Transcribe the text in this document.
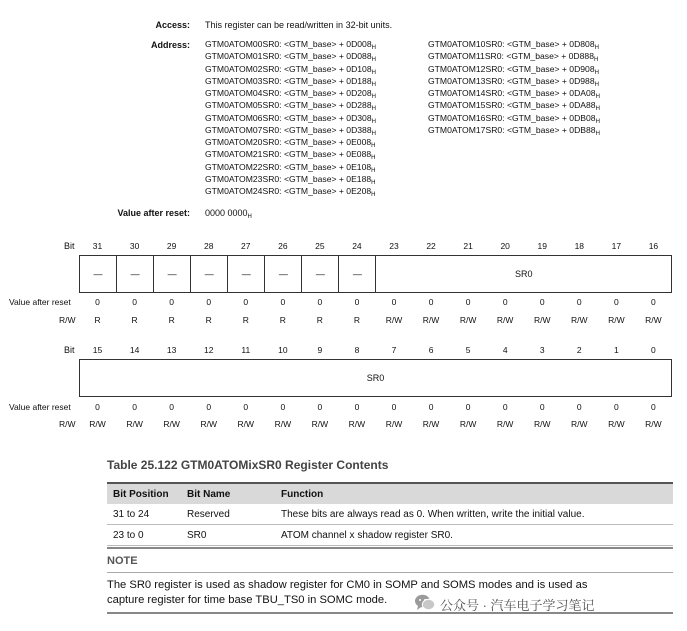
Access: This register can be read/written in 32-bit units.
Address: GTM0ATOM00SR0: <GTM_base> + $0D008_H$
GTM0ATOM01SR0: <GTM_base> + $0D088_H$
GTM0ATOM02SR0: <GTM_base> + $0D108_H$
GTM0ATOM03SR0: <GTM_base> + $0D188_H$
GTM0ATOM04SR0: <GTM_base> + $0D208_H$
GTM0ATOM05SR0: <GTM_base> + $0D288_H$
GTM0ATOM06SR0: <GTM_base> + $0D308_H$
GTM0ATOM07SR0: <GTM_base> + $0D388_H$
GTM0ATOM20SR0: <GTM_base> + $0E008_H$
GTM0ATOM21SR0: <GTM_base> + $0E088_H$
GTM0ATOM22SR0: <GTM_base> + $0E108_H$
GTM0ATOM23SR0: <GTM_base> + $0E188_H$
GTM0ATOM24SR0: <GTM_base> + $0E208_H$
GTM0ATOM10SR0: <GTM_base> + $0D808_H$
GTM0ATOM11SR0: <GTM_base> + $0D888_H$
GTM0ATOM12SR0: <GTM_base> + $0D908_H$
GTM0ATOM13SR0: <GTM_base> + $0D988_H$
GTM0ATOM14SR0: <GTM_base> + $0DA08_H$
GTM0ATOM15SR0: <GTM_base> + $0DA88_H$
GTM0ATOM16SR0: <GTM_base> + $0DB08_H$
GTM0ATOM17SR0: <GTM_base> + $0DB88_H$
Value after reset: 0000 $0000_H$
Bit	31	30	29	28	27	26	25	24	23	22	21	20	19	18	17	16
—	—	—	—	—	—	—	—	SR0
Value after reset	0	0	0	0	0	0	0	0	0	0	0	0	0	0	0	0
R/W	R	R	R	R	R	R	R	R	R/W	R/W	R/W	R/W	R/W	R/W	R/W	R/W
Bit	15	14	13	12	11	10	9	8	7	6	5	4	3	2	1	0
SR0
Value after reset	0	0	0	0	0	0	0	0	0	0	0	0	0	0	0	0
R/W	R/W	R/W	R/W	R/W	R/W	R/W	R/W	R/W	R/W	R/W	R/W	R/W	R/W	R/W	R/W	R/W
Table 25.122 GTM0ATOMixSR0 Register Contents
Bit Position	Bit Name	Function
31 to 24	Reserved	These bits are always read as 0. When written, write the initial value.
23 to 0	SR0	ATOM channel x shadow register SR0.
NOTE
The SR0 register is used as shadow register for CM0 in SOMP and SOMS modes and is used as
capture register for time base TBU_TS0 in SOMC mode.	公众号 · 汽车电子学习笔记
